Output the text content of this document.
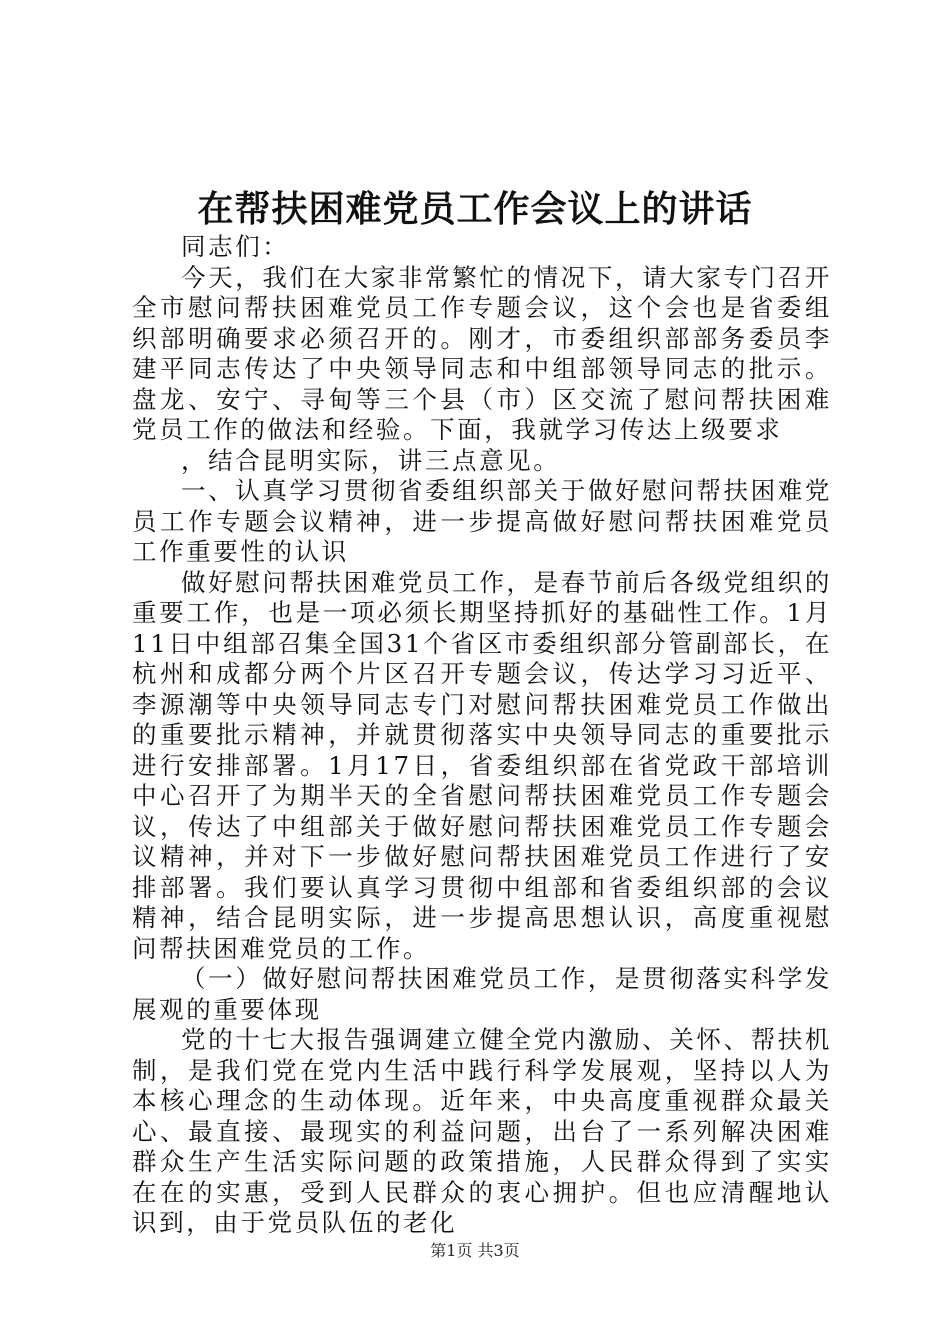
在帮扶困难党员工作会议上的讲话

同志们：

今天，我们在大家非常繁忙的情况下，请大家专门召开全市慰问帮扶困难党员工作专题会议，这个会也是省委组织部明确要求必须召开的。刚才，市委组织部部务委员李建平同志传达了中央领导同志和中组部领导同志的批示。盘龙、安宁、寻甸等三个县（市）区交流了慰问帮扶困难党员工作的做法和经验。下面，我就学习传达上级要求

，结合昆明实际，讲三点意见。

一、认真学习贯彻省委组织部关于做好慰问帮扶困难党员工作专题会议精神，进一步提高做好慰问帮扶困难党员工作重要性的认识

做好慰问帮扶困难党员工作，是春节前后各级党组织的重要工作，也是一项必须长期坚持抓好的基础性工作。1月11日中组部召集全国31个省区市委组织部分管副部长，在杭州和成都分两个片区召开专题会议，传达学习习近平、李源潮等中央领导同志专门对慰问帮扶困难党员工作做出的重要批示精神，并就贯彻落实中央领导同志的重要批示进行安排部署。1月17日，省委组织部在省党政干部培训中心召开了为期半天的全省慰问帮扶困难党员工作专题会议，传达了中组部关于做好慰问帮扶困难党员工作专题会议精神，并对下一步做好慰问帮扶困难党员工作进行了安排部署。我们要认真学习贯彻中组部和省委组织部的会议精神，结合昆明实际，进一步提高思想认识，高度重视慰问帮扶困难党员的工作。

（一）做好慰问帮扶困难党员工作，是贯彻落实科学发展观的重要体现

党的十七大报告强调建立健全党内激励、关怀、帮扶机制，是我们党在党内生活中践行科学发展观，坚持以人为本核心理念的生动体现。近年来，中央高度重视群众最关心、最直接、最现实的利益问题，出台了一系列解决困难群众生产生活实际问题的政策措施，人民群众得到了实实在在的实惠，受到人民群众的衷心拥护。但也应清醒地认识到，由于党员队伍的老化

第1页 共3页
